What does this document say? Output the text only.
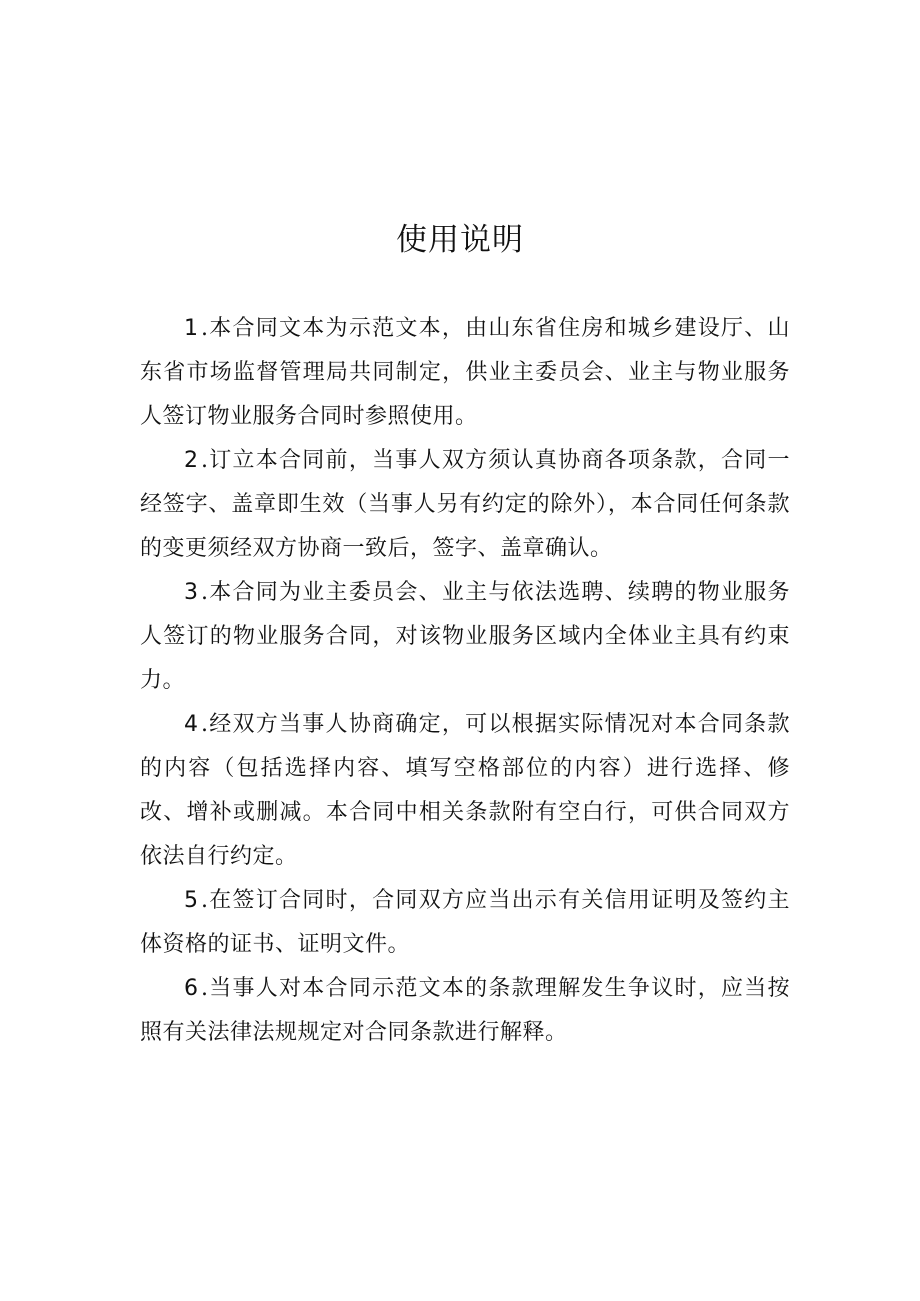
使用说明

1.本合同文本为示范文本，由山东省住房和城乡建设厅、山东省市场监督管理局共同制定，供业主委员会、业主与物业服务人签订物业服务合同时参照使用。

2.订立本合同前，当事人双方须认真协商各项条款，合同一经签字、盖章即生效（当事人另有约定的除外），本合同任何条款的变更须经双方协商一致后，签字、盖章确认。

3.本合同为业主委员会、业主与依法选聘、续聘的物业服务人签订的物业服务合同，对该物业服务区域内全体业主具有约束力。

4.经双方当事人协商确定，可以根据实际情况对本合同条款的内容（包括选择内容、填写空格部位的内容）进行选择、修改、增补或删减。本合同中相关条款附有空白行，可供合同双方依法自行约定。

5.在签订合同时，合同双方应当出示有关信用证明及签约主体资格的证书、证明文件。

6.当事人对本合同示范文本的条款理解发生争议时，应当按照有关法律法规规定对合同条款进行解释。
